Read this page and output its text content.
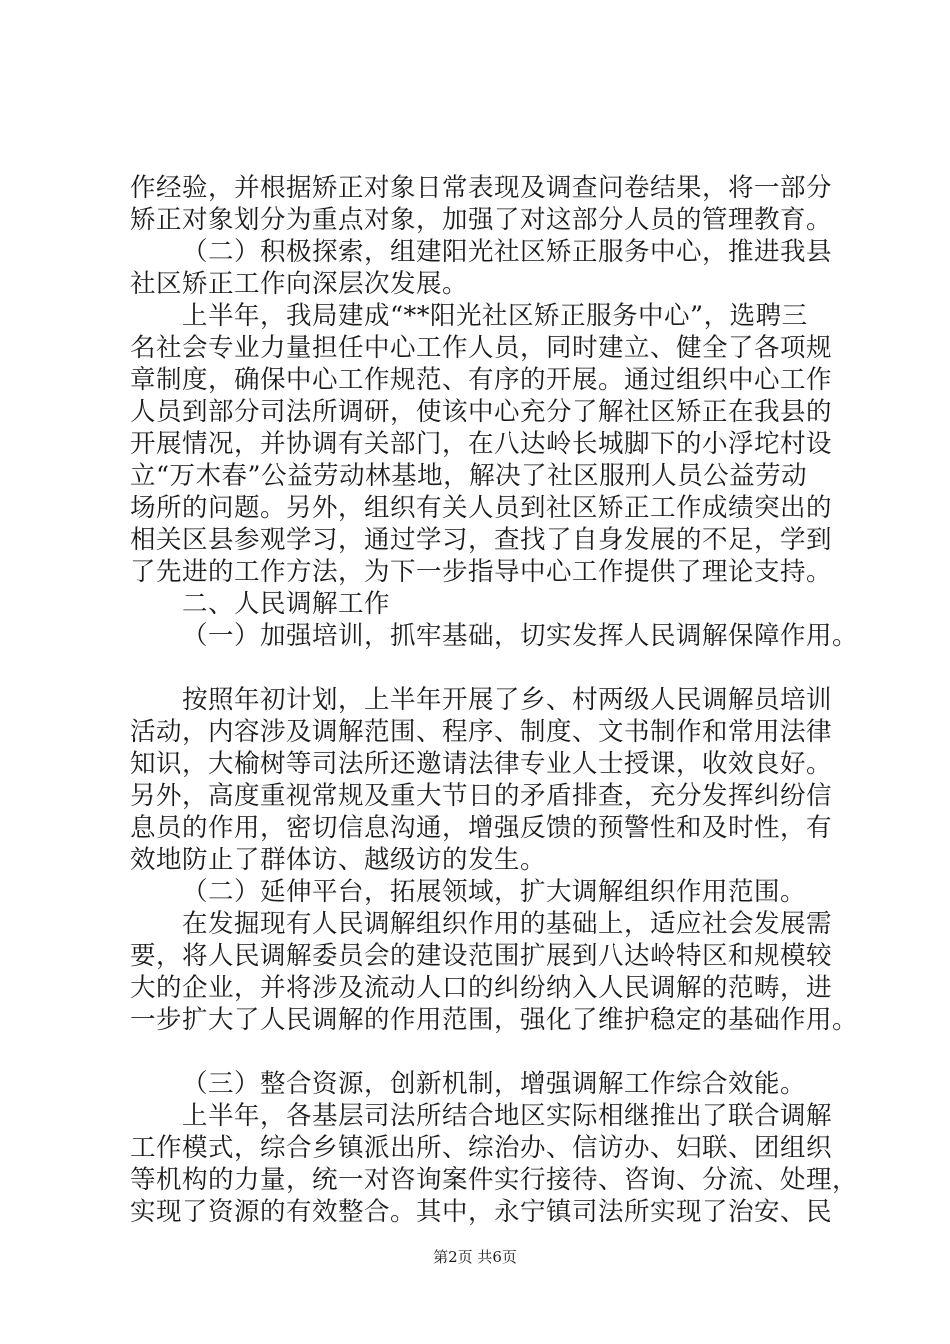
作经验，并根据矫正对象日常表现及调查问卷结果，将一部分
矫正对象划分为重点对象，加强了对这部分人员的管理教育。
（二）积极探索，组建阳光社区矫正服务中心，推进我县
社区矫正工作向深层次发展。
上半年，我局建成“**阳光社区矫正服务中心”，选聘三
名社会专业力量担任中心工作人员，同时建立、健全了各项规
章制度，确保中心工作规范、有序的开展。通过组织中心工作
人员到部分司法所调研，使该中心充分了解社区矫正在我县的
开展情况，并协调有关部门，在八达岭长城脚下的小浮坨村设
立“万木春”公益劳动林基地，解决了社区服刑人员公益劳动
场所的问题。另外，组织有关人员到社区矫正工作成绩突出的
相关区县参观学习，通过学习，查找了自身发展的不足，学到
了先进的工作方法，为下一步指导中心工作提供了理论支持。
二、人民调解工作
（一）加强培训，抓牢基础，切实发挥人民调解保障作用。
按照年初计划，上半年开展了乡、村两级人民调解员培训
活动，内容涉及调解范围、程序、制度、文书制作和常用法律
知识，大榆树等司法所还邀请法律专业人士授课，收效良好。
另外，高度重视常规及重大节日的矛盾排查，充分发挥纠纷信
息员的作用，密切信息沟通，增强反馈的预警性和及时性，有
效地防止了群体访、越级访的发生。
（二）延伸平台，拓展领域，扩大调解组织作用范围。
在发掘现有人民调解组织作用的基础上，适应社会发展需
要，将人民调解委员会的建设范围扩展到八达岭特区和规模较
大的企业，并将涉及流动人口的纠纷纳入人民调解的范畴，进
一步扩大了人民调解的作用范围，强化了维护稳定的基础作用。
（三）整合资源，创新机制，增强调解工作综合效能。
上半年，各基层司法所结合地区实际相继推出了联合调解
工作模式，综合乡镇派出所、综治办、信访办、妇联、团组织
等机构的力量，统一对咨询案件实行接待、咨询、分流、处理，
实现了资源的有效整合。其中，永宁镇司法所实现了治安、民
第2页 共6页
